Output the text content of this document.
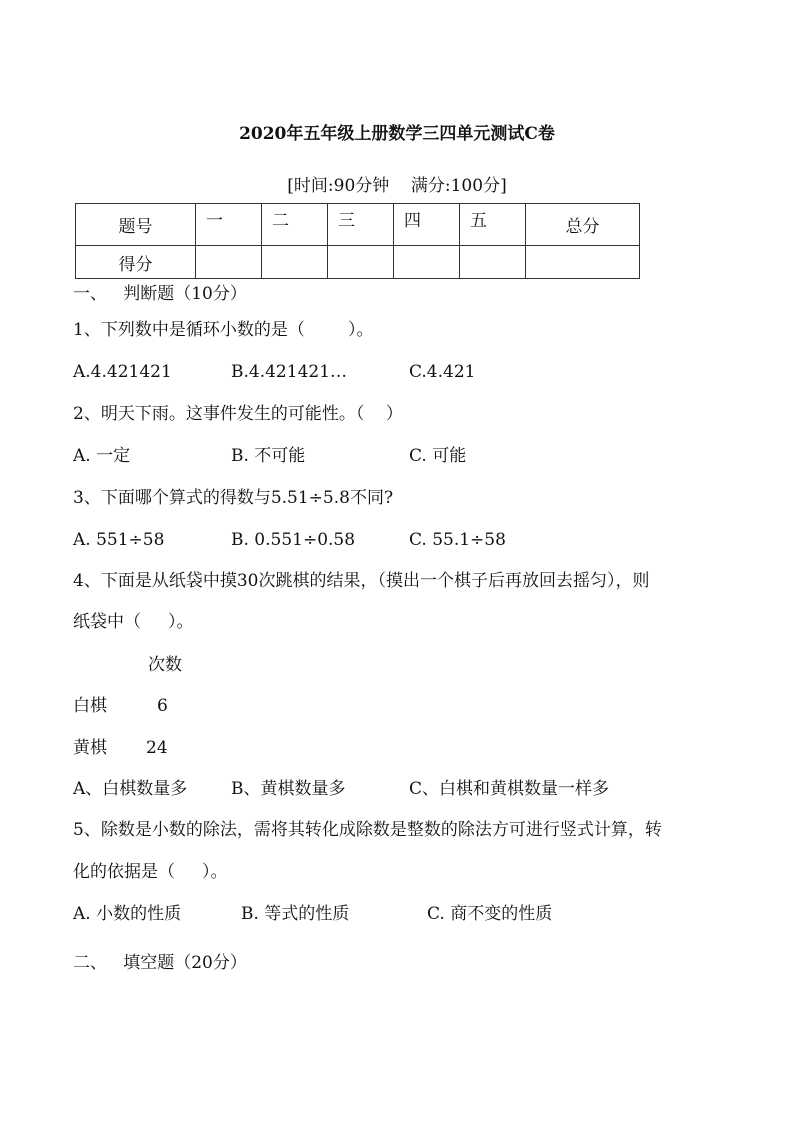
2020年五年级上册数学三四单元测试C卷
[时间:90分钟    满分:100分]
题号	一	二	三	四	五	总分
得分						
一、   判断题（10分）
1、下列数中是循环小数的是（        ）。
A.4.421421	B.4.421421…	C.4.421
2、明天下雨。这事件发生的可能性。（    ）
A. 一定	B. 不可能	C. 可能
3、下面哪个算式的得数与5.51÷5.8不同?
A. 551÷58	B. 0.551÷0.58	C. 55.1÷58
4、下面是从纸袋中摸30次跳棋的结果，（摸出一个棋子后再放回去摇匀），则
纸袋中（     ）。
次数
白棋	6
黄棋 24
A、白棋数量多	B、黄棋数量多	C、白棋和黄棋数量一样多
5、除数是小数的除法，需将其转化成除数是整数的除法方可进行竖式计算，转
化的依据是（     ）。
A. 小数的性质	B. 等式的性质	C. 商不变的性质
二、   填空题（20分）
